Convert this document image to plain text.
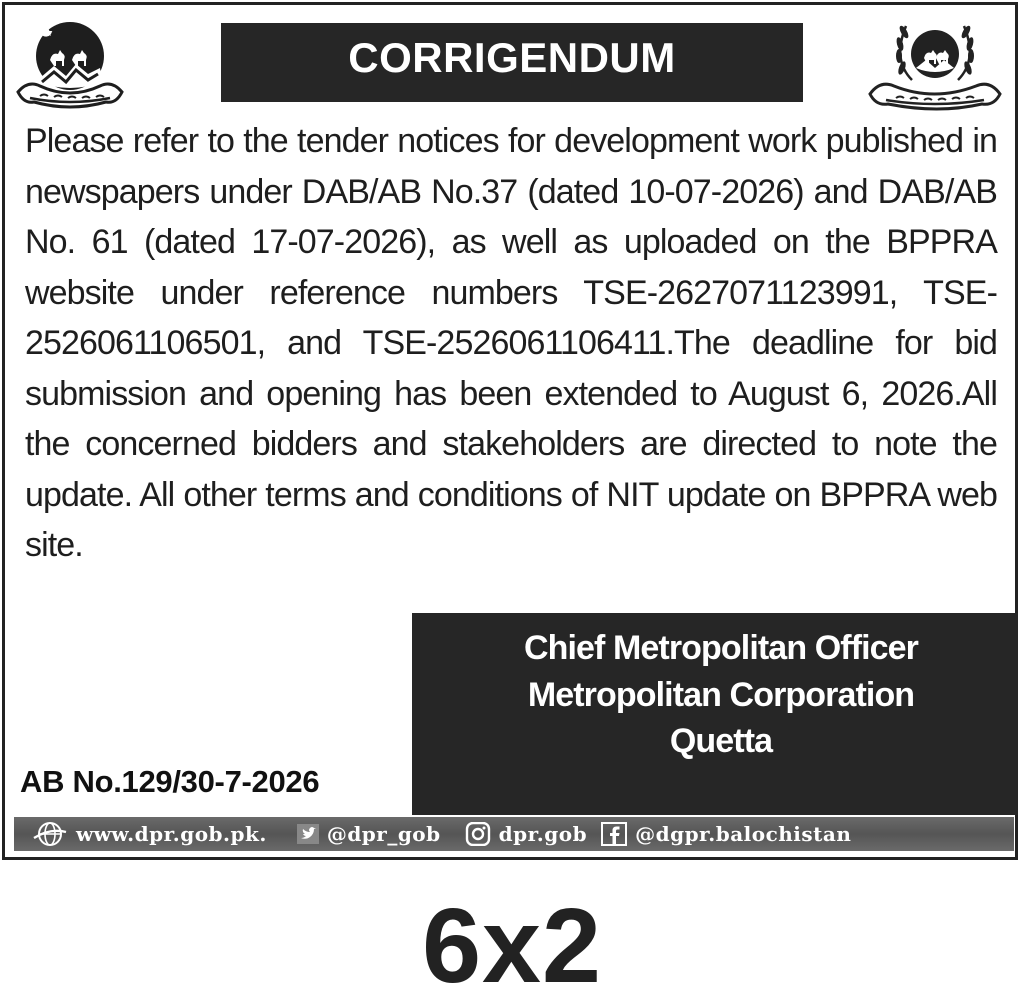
CORRIGENDUM

Please refer to the tender notices for development work published in newspapers under DAB/AB No.37 (dated 10-07-2026) and DAB/AB No. 61 (dated 17-07-2026), as well as uploaded on the BPPRA website under reference numbers TSE-2627071123991, TSE-2526061106501, and TSE-2526061106411.The deadline for bid submission and opening has been extended to August 6, 2026.All the concerned bidders and stakeholders are directed to note the update. All other terms and conditions of NIT update on BPPRA web site.

Chief Metropolitan Officer
Metropolitan Corporation
Quetta
AB No.129/30-7-2026
www.dpr.gob.pk.	@dpr_gob	dpr.gob @dgpr.balochistan
6x2
